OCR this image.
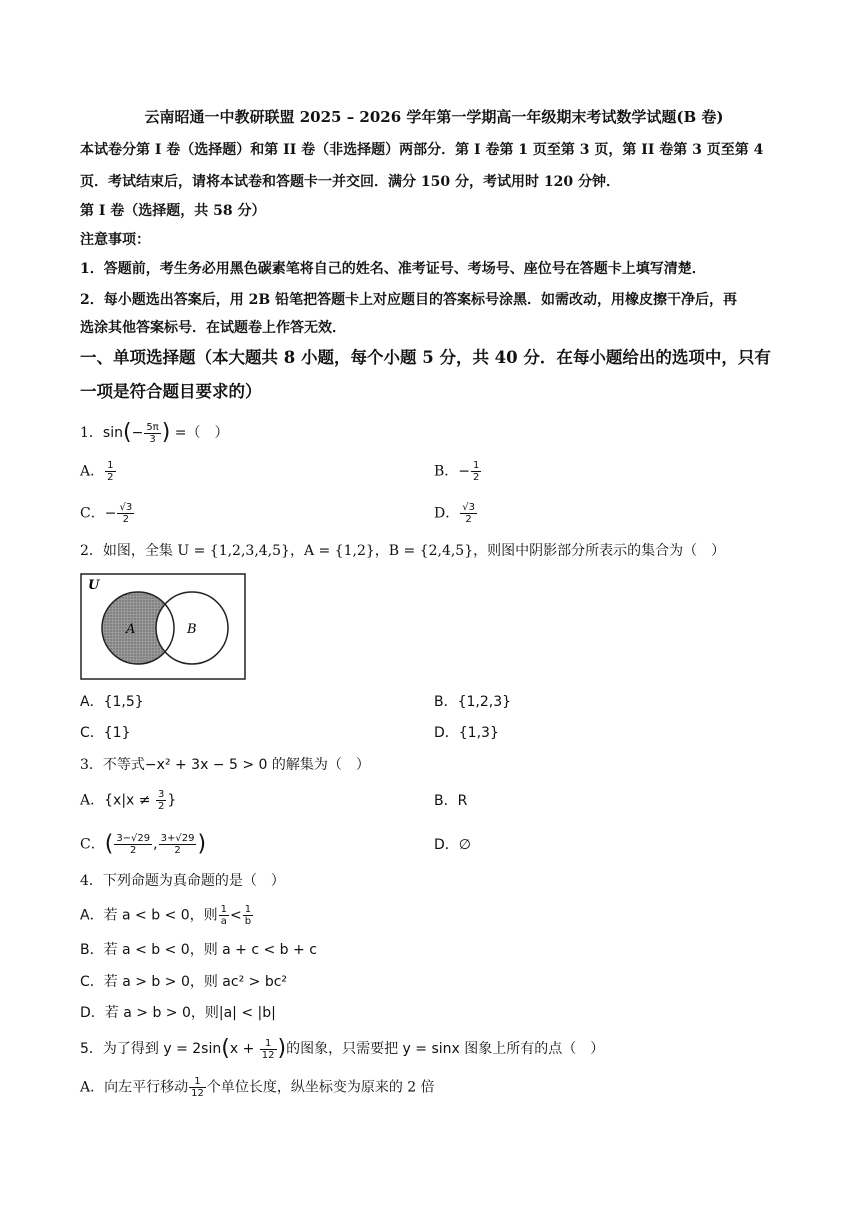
云南昭通一中教研联盟 2025 – 2026 学年第一学期高一年级期末考试数学试题(B 卷)
本试卷分第 I 卷（选择题）和第 II 卷（非选择题）两部分．第 I 卷第 1 页至第 3 页，第 II 卷第 3 页至第 4
页．考试结束后，请将本试卷和答题卡一并交回．满分 150 分，考试用时 120 分钟．
第 I 卷（选择题，共 58 分）
注意事项：
1．答题前，考生务必用黑色碳素笔将自己的姓名、准考证号、考场号、座位号在答题卡上填写清楚．
2．每小题选出答案后，用 2B 铅笔把答题卡上对应题目的答案标号涂黑．如需改动，用橡皮擦干净后，再
选涂其他答案标号．在试题卷上作答无效．
一、单项选择题（本大题共 8 小题，每个小题 5 分，共 40 分．在每小题给出的选项中，只有
一项是符合题目要求的）
1．$\sin(- \frac{5\pi}{3}$ ) =（　）
A． $\frac{1}{2}$	B．− $\frac{1}{2}$
C．− $\frac{√3}{2}$	D． $\frac{√3}{2}$
2．如图，全集 U = {1,2,3,4,5}，A = {1,2}，B = {2,4,5}，则图中阴影部分所表示的集合为（　）
U
A	B
A．{1,5}	B．{1,2,3}
C．{1}	D．{1,3}
3．不等式−x² + 3x − 5 > 0 的解集为（　）
A．{$x|x \ne \frac{3}{2}$ }	B．R
C．( $\frac{3-√29}{2}$ , $\frac{3+√29}{2}$ )	D．∅
4．下列命题为真命题的是（　）
A．若 a < b < 0，则 $\frac{1}{a} < \frac{1}{b}$
B．若 a < b < 0，则 a + c < b + c
C．若 a > b > 0，则 ac² > bc²
D．若 a > b > 0，则|a| < |b|
5．为了得到 $y = 2\sin(x + \frac{1}{12}$ )的图象，只需要把 y = sinx 图象上所有的点（　）
A．向左平行移动 $\frac{1}{12}$ 个单位长度，纵坐标变为原来的 2 倍
